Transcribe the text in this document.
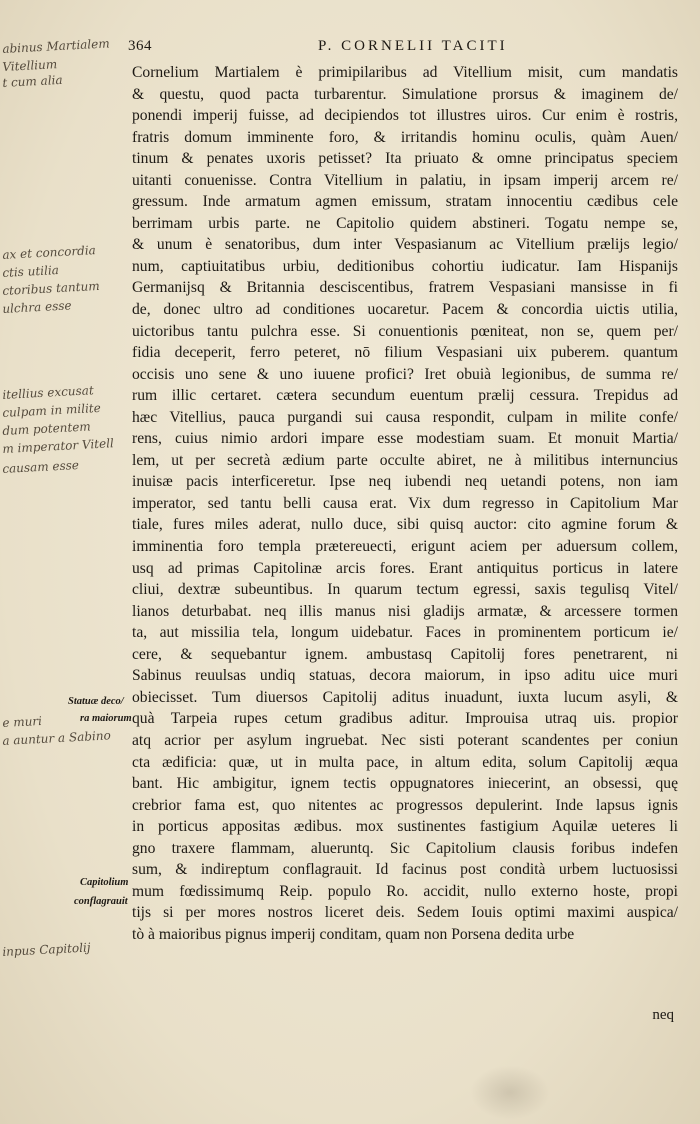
364	P. CORNELII TACITI
Cornelium Martialem è primipilaribus ad Vitellium misit, cum mandatis
& questu, quod pacta turbarentur. Simulatione prorsus & imaginem de/
ponendi imperij fuisse, ad decipiendos tot illustres uiros. Cur enim è rostris,
fratris domum imminente foro, & irritandis hominu oculis, quàm Auen/
tinum & penates uxoris petisset? Ita priuato & omne principatus speciem
uitanti conuenisse. Contra Vitellium in palatiu, in ipsam imperij arcem re/
gressum. Inde armatum agmen emissum, stratam innocentiu cædibus cele
berrimam urbis parte. ne Capitolio quidem abstineri. Togatu nempe se,
& unum è senatoribus, dum inter Vespasianum ac Vitellium prælijs legio/
num, captiuitatibus urbiu, deditionibus cohortiu iudicatur. Iam Hispanijs
Germanijsq & Britannia desciscentibus, fratrem Vespasiani mansisse in fi
de, donec ultro ad conditiones uocaretur. Pacem & concordia uictis utilia,
uictoribus tantu pulchra esse. Si conuentionis pœniteat, non se, quem per/
fidia deceperit, ferro peteret, nō filium Vespasiani uix puberem. quantum
occisis uno sene & uno iuuene profici? Iret obuià legionibus, de summa re/
rum illic certaret. cætera secundum euentum prælij cessura. Trepidus ad
hæc Vitellius, pauca purgandi sui causa respondit, culpam in milite confe/
rens, cuius nimio ardori impare esse modestiam suam. Et monuit Martia/
lem, ut per secretà ædium parte occulte abiret, ne à militibus internuncius
inuisæ pacis interficeretur. Ipse neq iubendi neq uetandi potens, non iam
imperator, sed tantu belli causa erat. Vix dum regresso in Capitolium Mar
tiale, fures miles aderat, nullo duce, sibi quisq auctor: cito agmine forum &
imminentia foro templa prætereuecti, erigunt aciem per aduersum collem,
usq ad primas Capitolinæ arcis fores. Erant antiquitus porticus in latere
cliui, dextræ subeuntibus. In quarum tectum egressi, saxis tegulisq Vitel/
lianos deturbabat. neq illis manus nisi gladijs armatæ, & arcessere tormen
ta, aut missilia tela, longum uidebatur. Faces in prominentem porticum ie/
cere, & sequebantur ignem. ambustasq Capitolij fores penetrarent, ni
Sabinus reuulsas undiq statuas, decora maiorum, in ipso aditu uice muri
obiecisset. Tum diuersos Capitolij aditus inuadunt, iuxta lucum asyli, &
quà Tarpeia rupes cetum gradibus aditur. Improuisa utraq uis. propior
atq acrior per asylum ingruebat. Nec sisti poterant scandentes per coniun
cta ædificia: quæ, ut in multa pace, in altum edita, solum Capitolij æqua
bant. Hic ambigitur, ignem tectis oppugnatores iniecerint, an obsessi, quę
crebrior fama est, quo nitentes ac progressos depulerint. Inde lapsus ignis
in porticus appositas ædibus. mox sustinentes fastigium Aquilæ ueteres li
gno traxere flammam, alueruntq. Sic Capitolium clausis foribus indefen
sum, & indireptum conflagrauit. Id facinus post condità urbem luctuosissi
mum fœdissimumq Reip. populo Ro. accidit, nullo externo hoste, propi
tijs si per mores nostros liceret deis. Sedem Iouis optimi maximi auspica/
tò à maioribus pignus imperij conditam, quam non Porsena dedita urbe
neq
Statuæ deco/
ra maiorum
Capitolium
conflagrauit
abinus Martialem
Vitellium
t cum alia
ax et concordia
ctis utilia
ctoribus tantum
ulchra esse
itellius excusat
culpam in milite
dum potentem
m imperator Vitell
causam esse
e muri
a auntur a Sabino
inpus Capitolij
